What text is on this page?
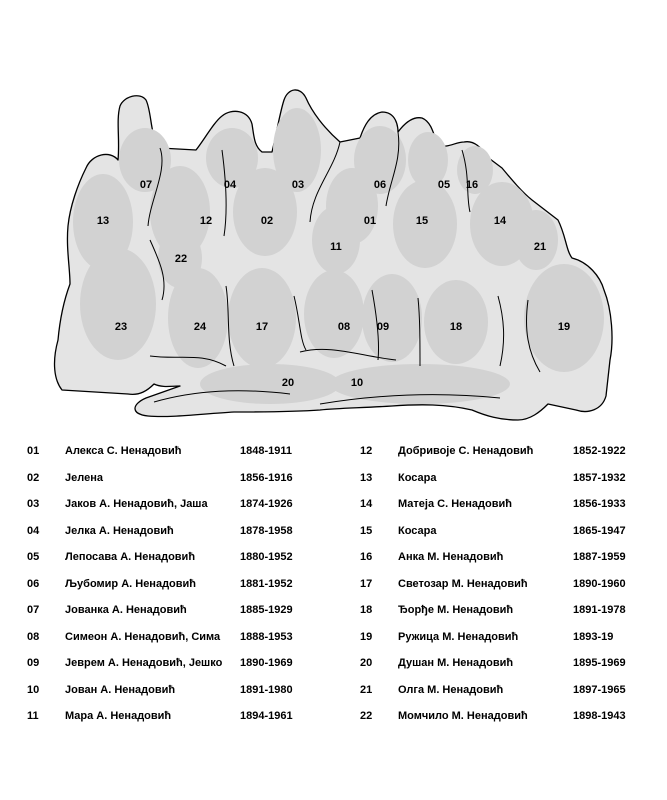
07	04	03	06	05 16
13	12	02	01	15	14
11	21
22
23	24	17	08 09	18	19
20	10
01 Алекса С. Ненадовић	1848-1911
02 Јелена	1856-1916
03 Јаков А. Ненадовић, Јаша	1874-1926
04 Јелка А. Ненадовић	1878-1958
05 Лепосава А. Ненадовић	1880-1952
06 Љубомир А. Ненадовић	1881-1952
07 Јованка А. Ненадовић	1885-1929
08 Симеон А. Ненадовић, Сима 1888-1953
09 Јеврем А. Ненадовић, Јешко 1890-1969
10 Јован А. Ненадовић	1891-1980
11 Мара А. Ненадовић	1894-1961
12 Добривоје С. Ненадовић	1852-1922
13 Косара	1857-1932
14 Матеја С. Ненадовић	1856-1933
15 Косара	1865-1947
16 Анка М. Ненадовић	1887-1959
17 Светозар М. Ненадовић	1890-1960
18 Ђорђе М. Ненадовић	1891-1978
19 Ружица М. Ненадовић	1893-19
20 Душан М. Ненадовић	1895-1969
21 Олга М. Ненадовић	1897-1965
22 Момчило М. Ненадовић	1898-1943
